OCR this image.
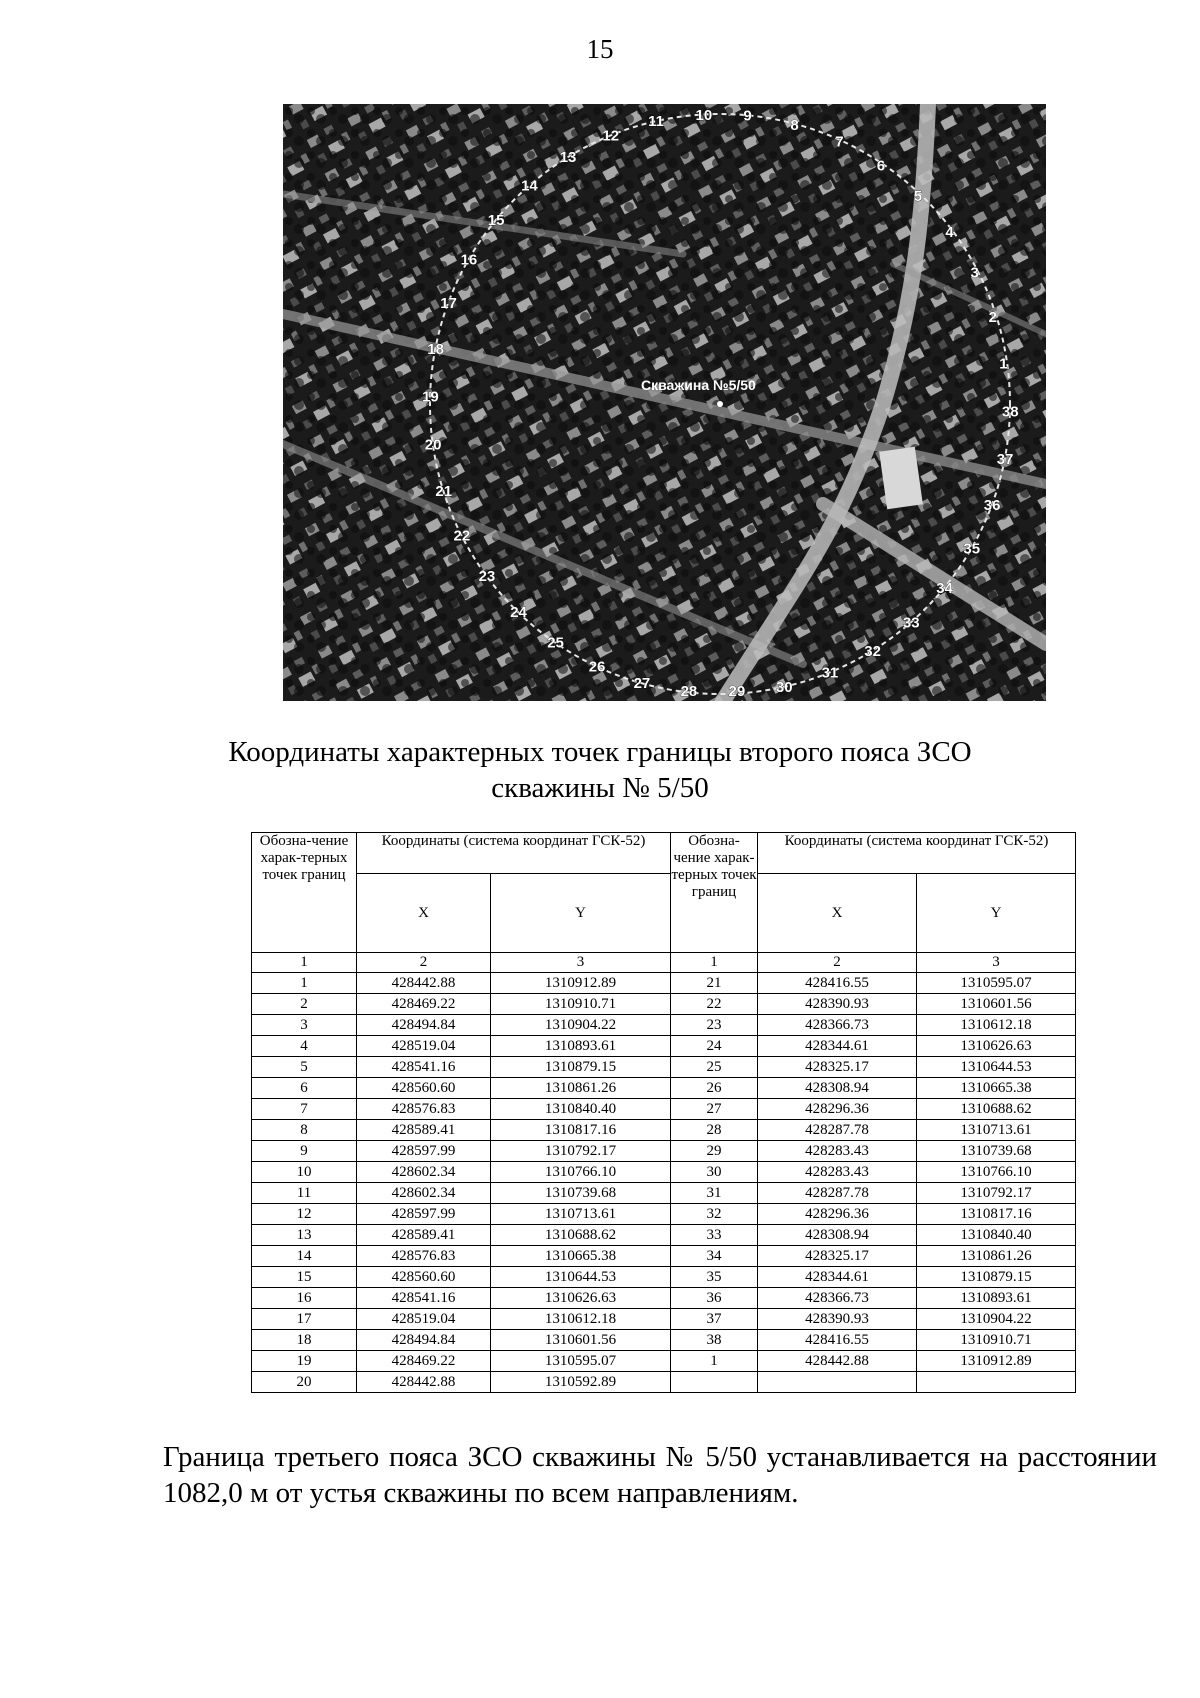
15
Скважина №5/50
1
2
3
4
5
6
7
8
9
10
11
12
13
14
15
16
17
18
19
20
21
22
23
24
25
26
27 28 29 30
31
32
33
34
35
36
37
38
Координаты характерных точек границы второго пояса ЗСО
скважины № 5/50
Обозна-чение харак-терных точек границ	Координаты (система координат ГСК-52)		Обозна-чение харак-терных точек границ	Координаты (система координат ГСК-52)	
	X	Y		X	Y
1	2	3	1	2	3
1	428442.88	1310912.89	21	428416.55	1310595.07
2	428469.22	1310910.71	22	428390.93	1310601.56
3	428494.84	1310904.22	23	428366.73	1310612.18
4	428519.04	1310893.61	24	428344.61	1310626.63
5	428541.16	1310879.15	25	428325.17	1310644.53
6	428560.60	1310861.26	26	428308.94	1310665.38
7	428576.83	1310840.40	27	428296.36	1310688.62
8	428589.41	1310817.16	28	428287.78	1310713.61
9	428597.99	1310792.17	29	428283.43	1310739.68
10	428602.34	1310766.10	30	428283.43	1310766.10
11	428602.34	1310739.68	31	428287.78	1310792.17
12	428597.99	1310713.61	32	428296.36	1310817.16
13	428589.41	1310688.62	33	428308.94	1310840.40
14	428576.83	1310665.38	34	428325.17	1310861.26
15	428560.60	1310644.53	35	428344.61	1310879.15
16	428541.16	1310626.63	36	428366.73	1310893.61
17	428519.04	1310612.18	37	428390.93	1310904.22
18	428494.84	1310601.56	38	428416.55	1310910.71
19	428469.22	1310595.07	1	428442.88	1310912.89
20	428442.88	1310592.89			
Граница третьего пояса ЗСО скважины № 5/50 устанавливается на расстоянии 1082,0 м от устья скважины по всем направлениям.
